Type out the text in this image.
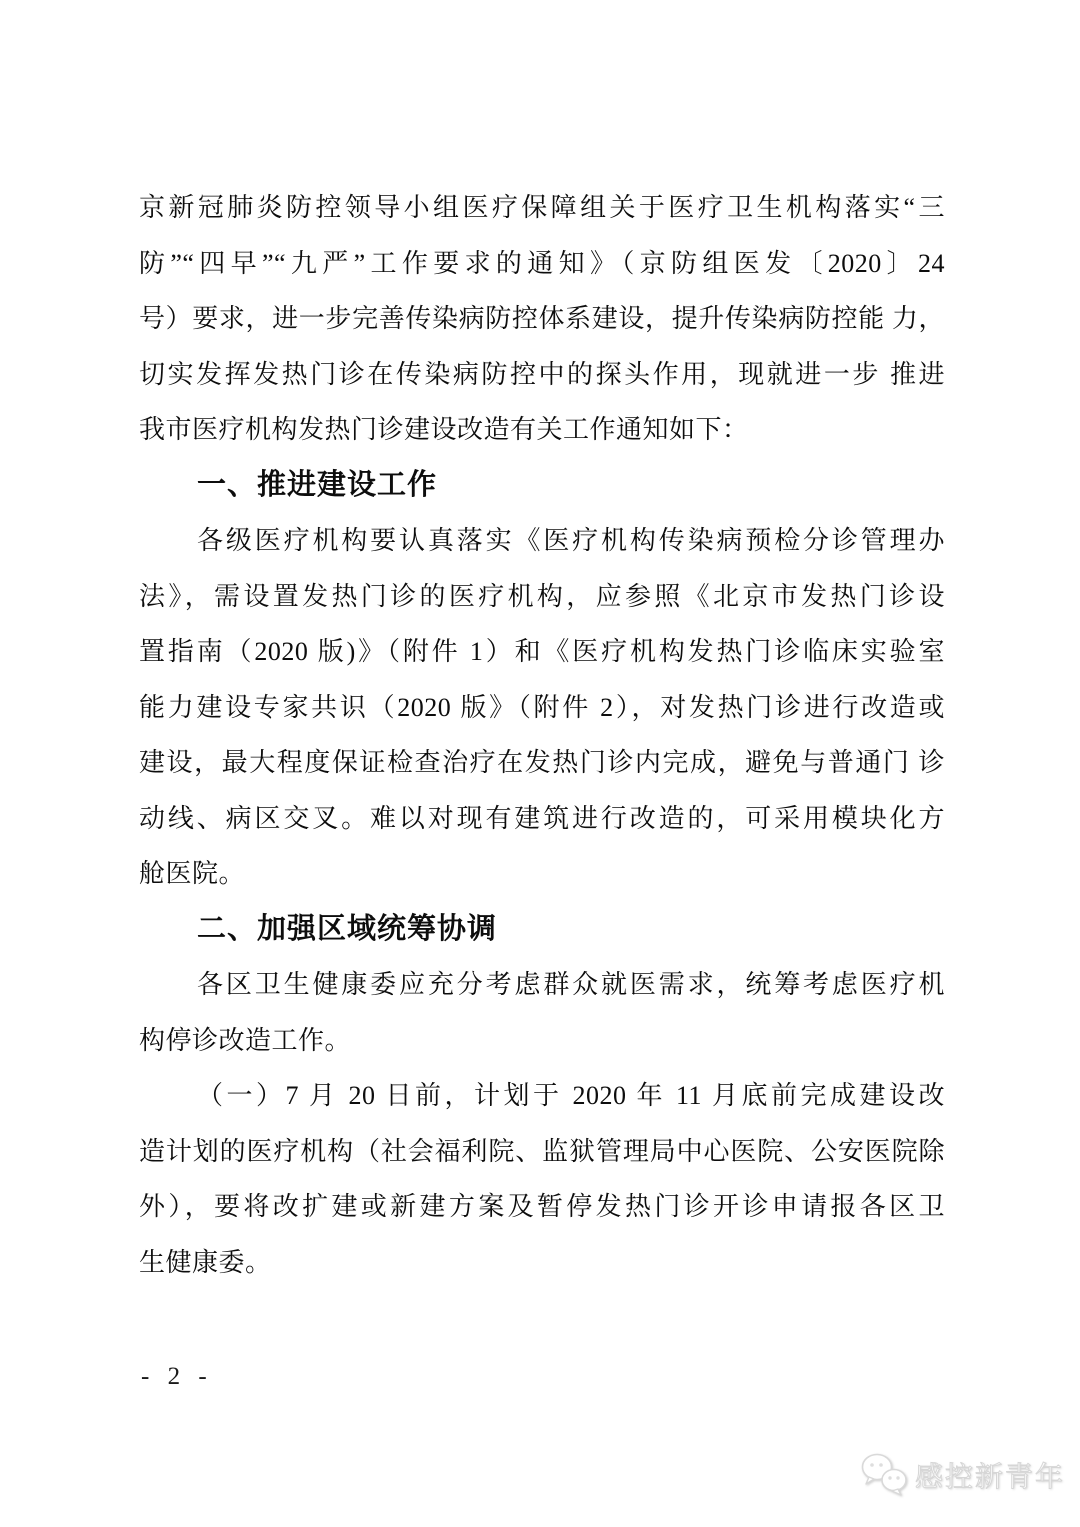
京新冠肺炎防控领导小组医疗保障组关于医疗卫生机构落实“三
防”“四早”“九严”工作要求的通知》（京防组医发〔2020〕24
号）要求，进一步完善传染病防控体系建设，提升传染病防控能 力，
切实发挥发热门诊在传染病防控中的探头作用，现就进一步 推进
我市医疗机构发热门诊建设改造有关工作通知如下：
一、推进建设工作
各级医疗机构要认真落实《医疗机构传染病预检分诊管理办
法》，需设置发热门诊的医疗机构，应参照《北京市发热门诊设
置指南（2020 版)》（附件 1）和《医疗机构发热门诊临床实验室
能力建设专家共识（2020 版》（附件 2），对发热门诊进行改造或
建设，最大程度保证检查治疗在发热门诊内完成，避免与普通门 诊
动线、病区交叉。难以对现有建筑进行改造的，可采用模块化方
舱医院。
二、加强区域统筹协调
各区卫生健康委应充分考虑群众就医需求，统筹考虑医疗机
构停诊改造工作。
（一）7 月 20 日前，计划于 2020 年 11 月底前完成建设改
造计划的医疗机构（社会福利院、监狱管理局中心医院、公安医院除
外），要将改扩建或新建方案及暂停发热门诊开诊申请报各区卫
生健康委。
- 2 -
感控新青年
